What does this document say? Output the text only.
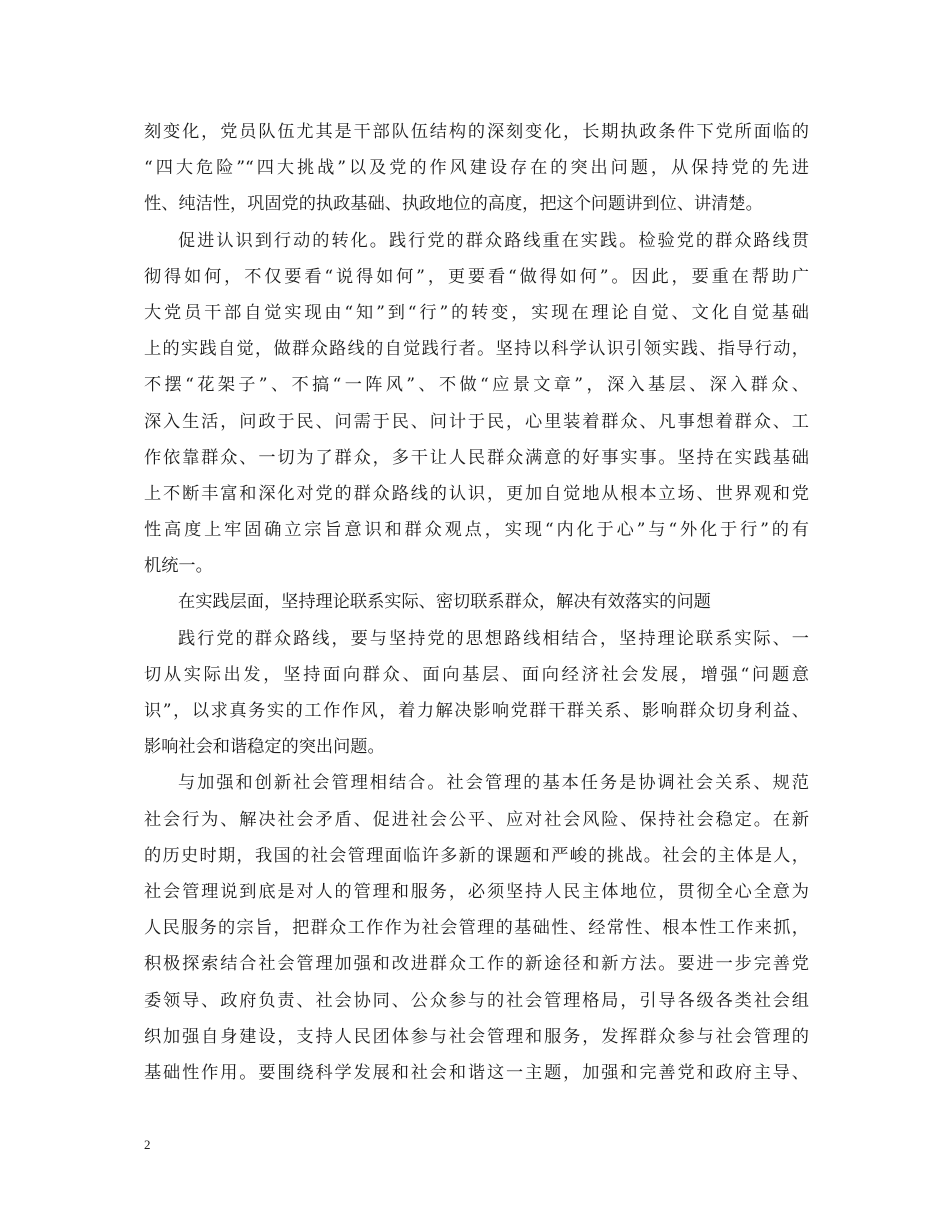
刻变化，党员队伍尤其是干部队伍结构的深刻变化，长期执政条件下党所面临的
“四大危险”“四大挑战”以及党的作风建设存在的突出问题，从保持党的先进
性、纯洁性，巩固党的执政基础、执政地位的高度，把这个问题讲到位、讲清楚。
促进认识到行动的转化。践行党的群众路线重在实践。检验党的群众路线贯
彻得如何，不仅要看“说得如何”，更要看“做得如何”。因此，要重在帮助广
大党员干部自觉实现由“知”到“行”的转变，实现在理论自觉、文化自觉基础
上的实践自觉，做群众路线的自觉践行者。坚持以科学认识引领实践、指导行动，
不摆“花架子”、不搞“一阵风”、不做“应景文章”，深入基层、深入群众、
深入生活，问政于民、问需于民、问计于民，心里装着群众、凡事想着群众、工
作依靠群众、一切为了群众，多干让人民群众满意的好事实事。坚持在实践基础
上不断丰富和深化对党的群众路线的认识，更加自觉地从根本立场、世界观和党
性高度上牢固确立宗旨意识和群众观点，实现“内化于心”与“外化于行”的有
机统一。
在实践层面，坚持理论联系实际、密切联系群众，解决有效落实的问题
践行党的群众路线，要与坚持党的思想路线相结合，坚持理论联系实际、一
切从实际出发，坚持面向群众、面向基层、面向经济社会发展，增强“问题意
识”，以求真务实的工作作风，着力解决影响党群干群关系、影响群众切身利益、
影响社会和谐稳定的突出问题。
与加强和创新社会管理相结合。社会管理的基本任务是协调社会关系、规范
社会行为、解决社会矛盾、促进社会公平、应对社会风险、保持社会稳定。在新
的历史时期，我国的社会管理面临许多新的课题和严峻的挑战。社会的主体是人，
社会管理说到底是对人的管理和服务，必须坚持人民主体地位，贯彻全心全意为
人民服务的宗旨，把群众工作作为社会管理的基础性、经常性、根本性工作来抓，
积极探索结合社会管理加强和改进群众工作的新途径和新方法。要进一步完善党
委领导、政府负责、社会协同、公众参与的社会管理格局，引导各级各类社会组
织加强自身建设，支持人民团体参与社会管理和服务，发挥群众参与社会管理的
基础性作用。要围绕科学发展和社会和谐这一主题，加强和完善党和政府主导、
2
